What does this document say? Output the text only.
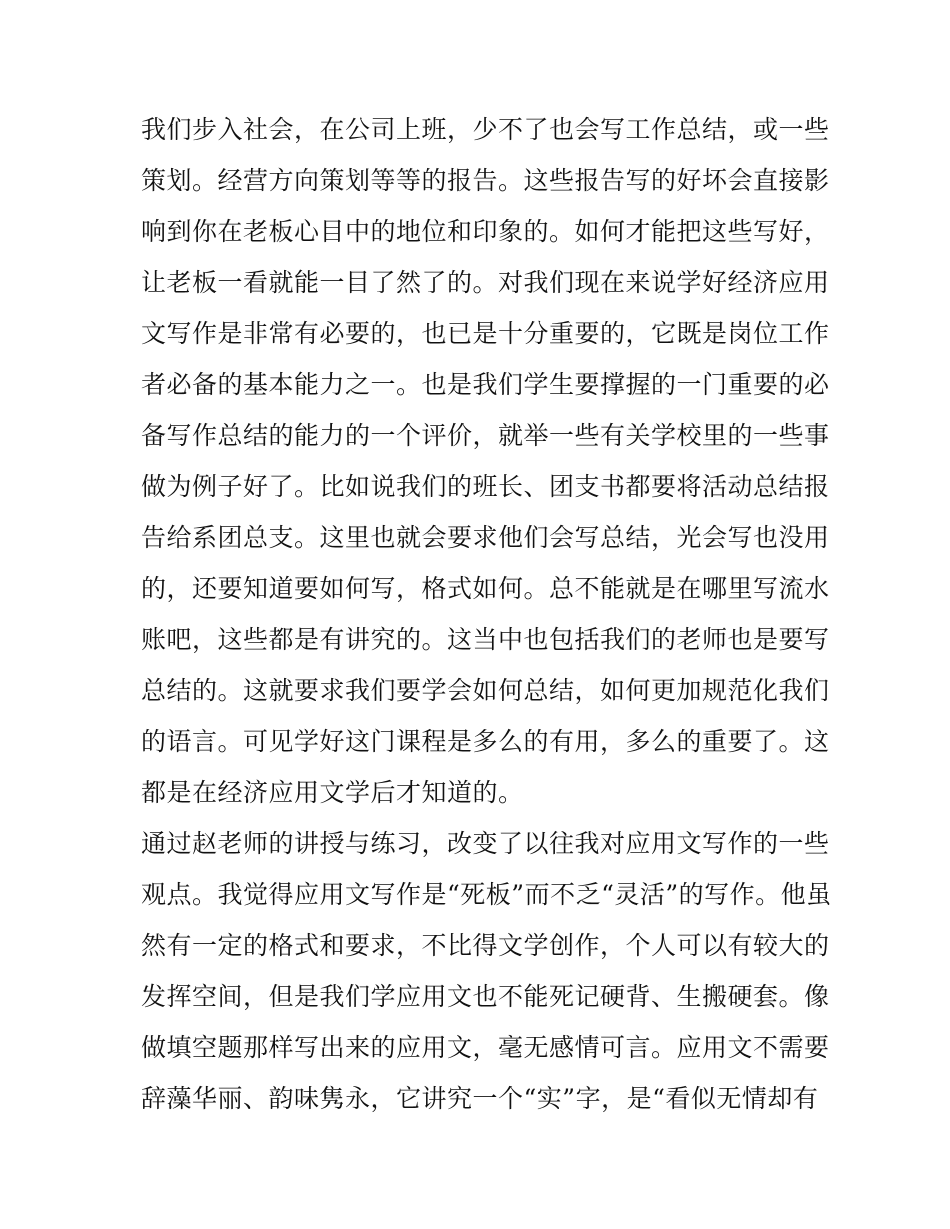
我们步入社会，在公司上班，少不了也会写工作总结，或一些
策划。经营方向策划等等的报告。这些报告写的好坏会直接影
响到你在老板心目中的地位和印象的。如何才能把这些写好，
让老板一看就能一目了然了的。对我们现在来说学好经济应用
文写作是非常有必要的，也已是十分重要的，它既是岗位工作
者必备的基本能力之一。也是我们学生要撑握的一门重要的必
备写作总结的能力的一个评价，就举一些有关学校里的一些事
做为例子好了。比如说我们的班长、团支书都要将活动总结报
告给系团总支。这里也就会要求他们会写总结，光会写也没用
的，还要知道要如何写，格式如何。总不能就是在哪里写流水
账吧，这些都是有讲究的。这当中也包括我们的老师也是要写
总结的。这就要求我们要学会如何总结，如何更加规范化我们
的语言。可见学好这门课程是多么的有用，多么的重要了。这
都是在经济应用文学后才知道的。
通过赵老师的讲授与练习，改变了以往我对应用文写作的一些
观点。我觉得应用文写作是“死板”而不乏“灵活”的写作。他虽
然有一定的格式和要求，不比得文学创作，个人可以有较大的
发挥空间，但是我们学应用文也不能死记硬背、生搬硬套。像
做填空题那样写出来的应用文，毫无感情可言。应用文不需要
辞藻华丽、韵味隽永，它讲究一个“实”字，是“看似无情却有
